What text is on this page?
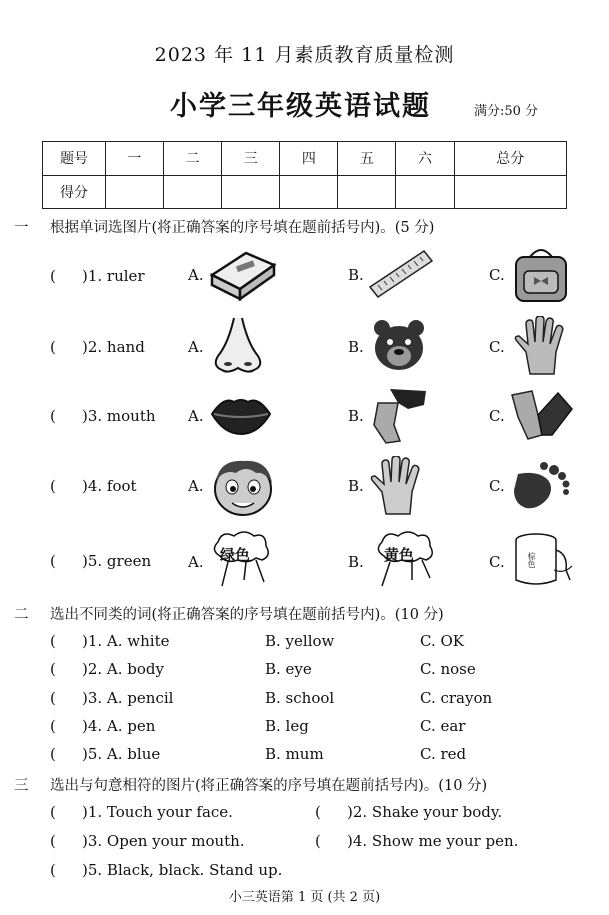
2023 年 11 月素质教育质量检测
小学三年级英语试题	满分:50 分
题号	一	二	三	四	五	六	总分
得分							
一 根据单词选图片(将正确答案的序号填在题前括号内)。(5 分)
( )1. ruler	A.	B.	C.
( )2. hand	A.	B.	C.
( )3. mouth A.	B.	C.
( )4. foot	A.	B.	C.
( )5. green A.	B.	C.
绿色	黄色	棕色
二 选出不同类的词(将正确答案的序号填在题前括号内)。(10 分)
( )1. A. white	B. yellow	C. OK
( )2. A. body	B. eye	C. nose
( )3. A. pencil	B. school	C. crayon
( )4. A. pen	B. leg	C. ear
( )5. A. blue	B. mum	C. red
三 选出与句意相符的图片(将正确答案的序号填在题前括号内)。(10 分)
( )1. Touch your face.	( )2. Shake your body.
( )3. Open your mouth.	( )4. Show me your pen.
( )5. Black, black. Stand up.
小三英语第 1 页 (共 2 页)
